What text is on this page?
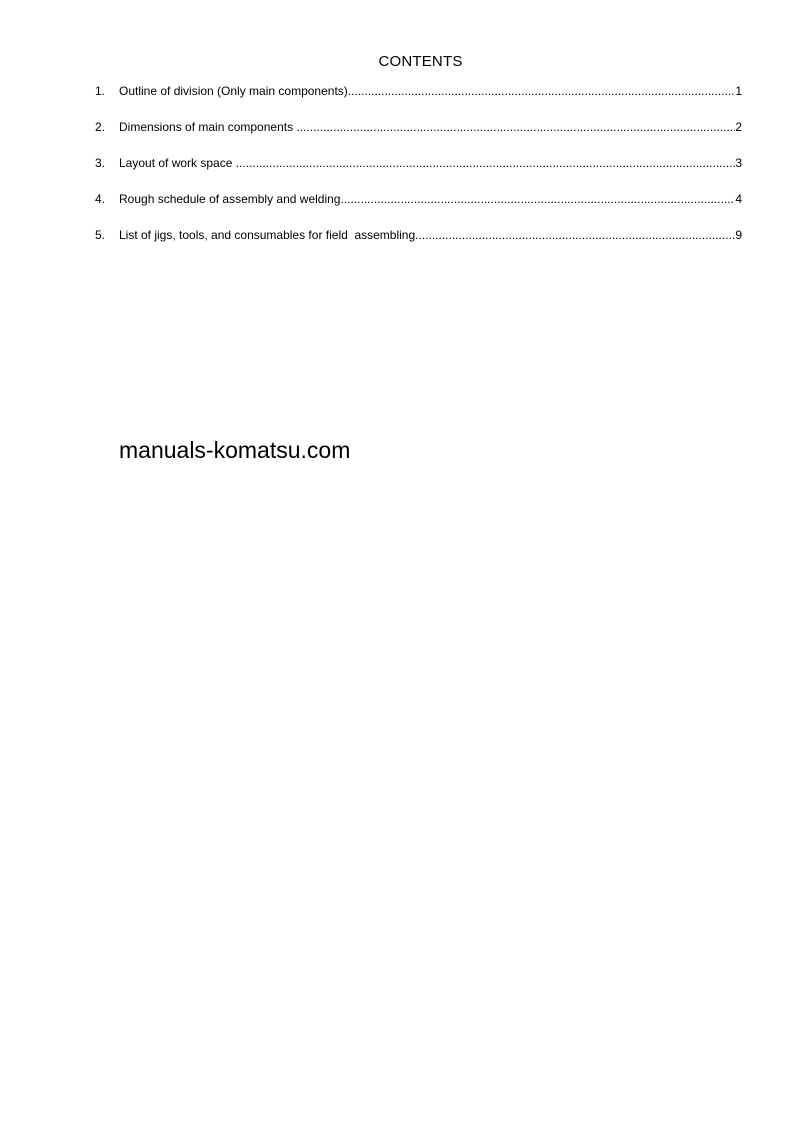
CONTENTS
1.	Outline of division (Only main components) .....	1
2.	Dimensions of main components .....	2
3.	Layout of work space .....	3
4.	Rough schedule of assembly and welding .....	4
5.	List of jigs, tools, and consumables for field  assembling .....	9
manuals-komatsu.com
